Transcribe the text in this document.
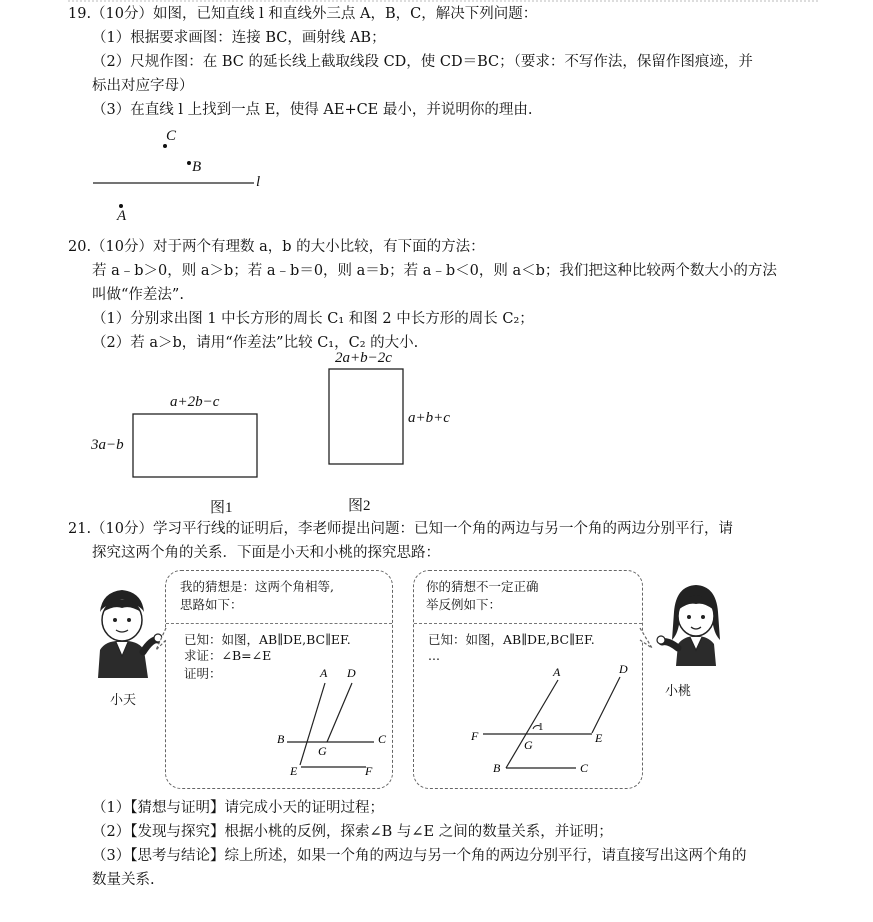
19.（10分）如图，已知直线 l 和直线外三点 A，B，C，解决下列问题：
（1）根据要求画图：连接 BC，画射线 AB；
（2）尺规作图：在 BC 的延长线上截取线段 CD，使 CD＝BC；（要求：不写作法，保留作图痕迹，并
标出对应字母）
（3）在直线 l 上找到一点 E，使得 AE+CE 最小，并说明你的理由.
C
B
l
A
20.（10分）对于两个有理数 a，b 的大小比较，有下面的方法：
若 a﹣b＞0，则 a＞b；若 a﹣b＝0，则 a＝b；若 a﹣b＜0，则 a＜b；我们把这种比较两个数大小的方法
叫做“作差法”.
（1）分别求出图 1 中长方形的周长 C₁ 和图 2 中长方形的周长 C₂；
（2）若 a＞b，请用“作差法”比较 C₁，C₂ 的大小.
a+2b−c
3a−b
图1
2a+b−2c
a+b+c
图2
21.（10分）学习平行线的证明后，李老师提出问题：已知一个角的两边与另一个角的两边分别平行，请
探究这两个角的关系．下面是小天和小桃的探究思路：
小天
小桃
我的猜想是：这两个角相等,
思路如下：
已知：如图，AB∥DE,BC∥EF.
求证：∠B=∠E
证明：	A D
B	C
G
E	F
你的猜想不一定正确
举反例如下：
已知：如图，AB∥DE,BC∥EF.
...
A	D
F	E
G
1
B	C
（1）【猜想与证明】请完成小天的证明过程；
（2）【发现与探究】根据小桃的反例，探索∠B 与∠E 之间的数量关系，并证明；
（3）【思考与结论】综上所述，如果一个角的两边与另一个角的两边分别平行，请直接写出这两个角的
数量关系.
